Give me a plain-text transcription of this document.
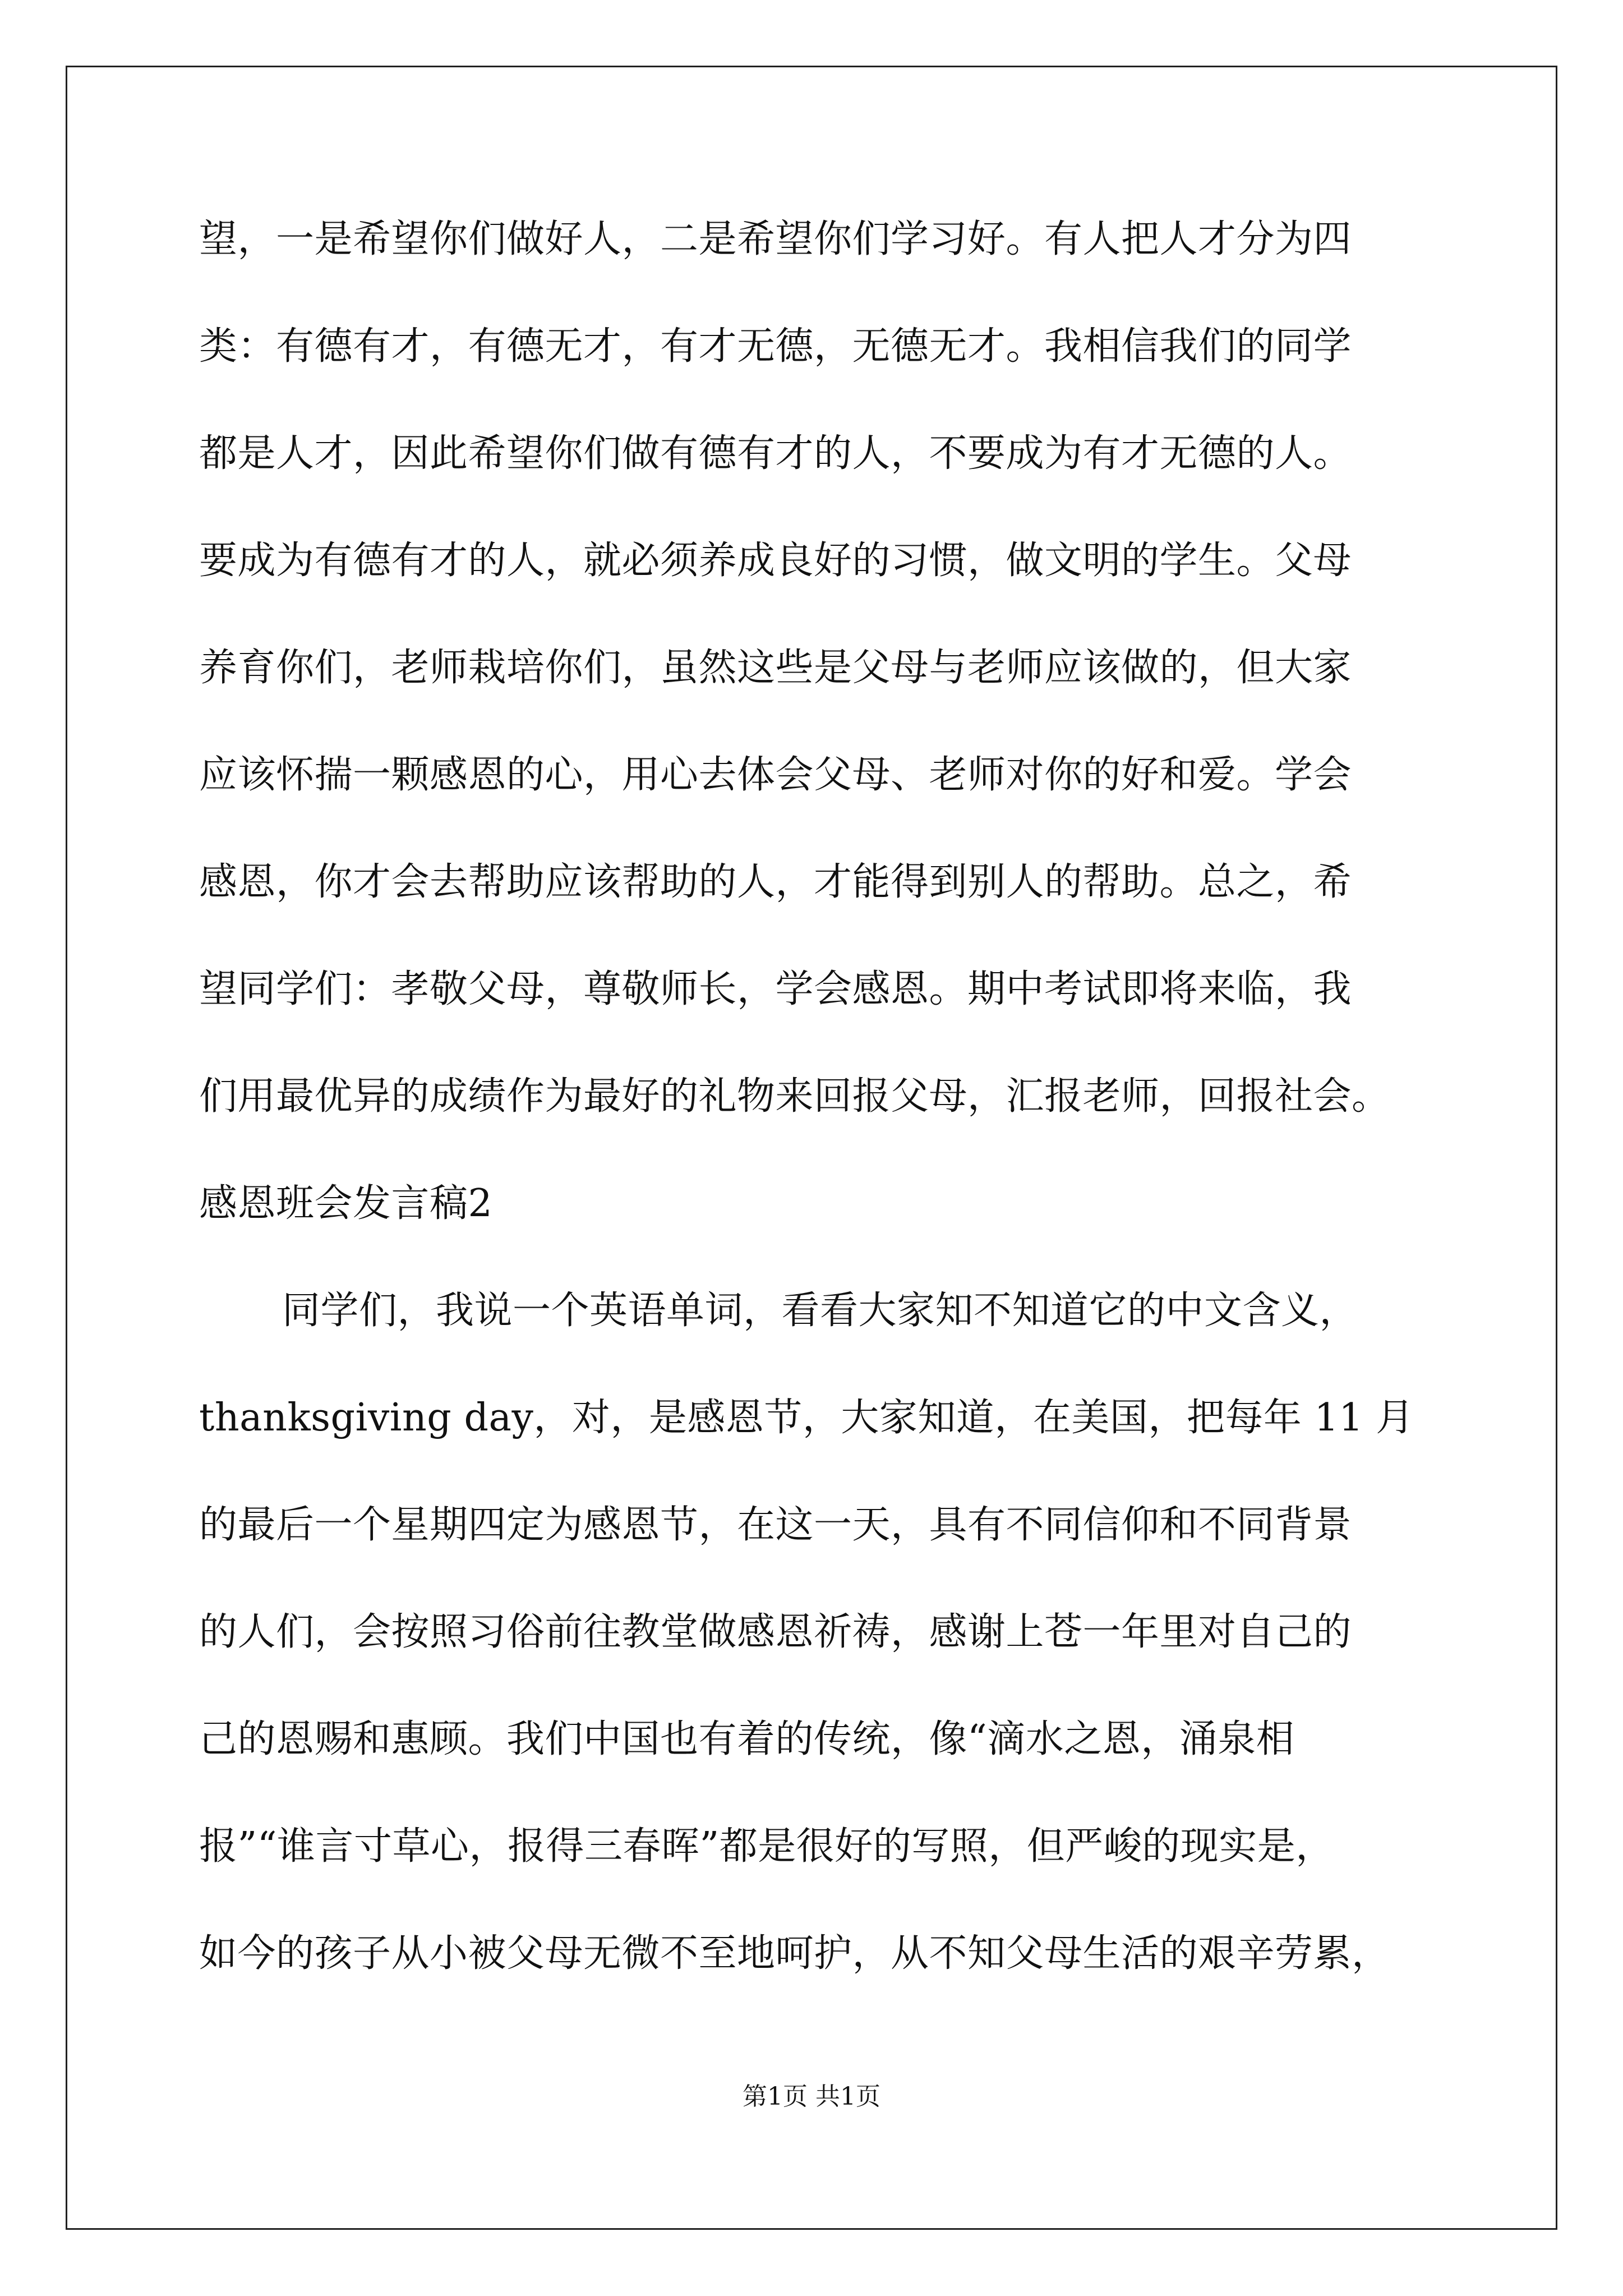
望，一是希望你们做好人，二是希望你们学习好。有人把人才分为四
类：有德有才，有德无才，有才无德，无德无才。我相信我们的同学
都是人才，因此希望你们做有德有才的人，不要成为有才无德的人。
要成为有德有才的人，就必须养成良好的习惯，做文明的学生。父母
养育你们，老师栽培你们，虽然这些是父母与老师应该做的，但大家
应该怀揣一颗感恩的心，用心去体会父母、老师对你的好和爱。学会
感恩，你才会去帮助应该帮助的人，才能得到别人的帮助。总之，希
望同学们：孝敬父母，尊敬师长，学会感恩。期中考试即将来临，我
们用最优异的成绩作为最好的礼物来回报父母，汇报老师，回报社会。
感恩班会发言稿2
同学们，我说一个英语单词，看看大家知不知道它的中文含义，
thanksgiving day，对，是感恩节，大家知道，在美国，把每年 11 月
的最后一个星期四定为感恩节，在这一天，具有不同信仰和不同背景
的人们，会按照习俗前往教堂做感恩祈祷，感谢上苍一年里对自己的
己的恩赐和惠顾。我们中国也有着的传统，像“滴水之恩，涌泉相
报”“谁言寸草心，报得三春晖”都是很好的写照，但严峻的现实是，
如今的孩子从小被父母无微不至地呵护，从不知父母生活的艰辛劳累，
第1页 共1页
